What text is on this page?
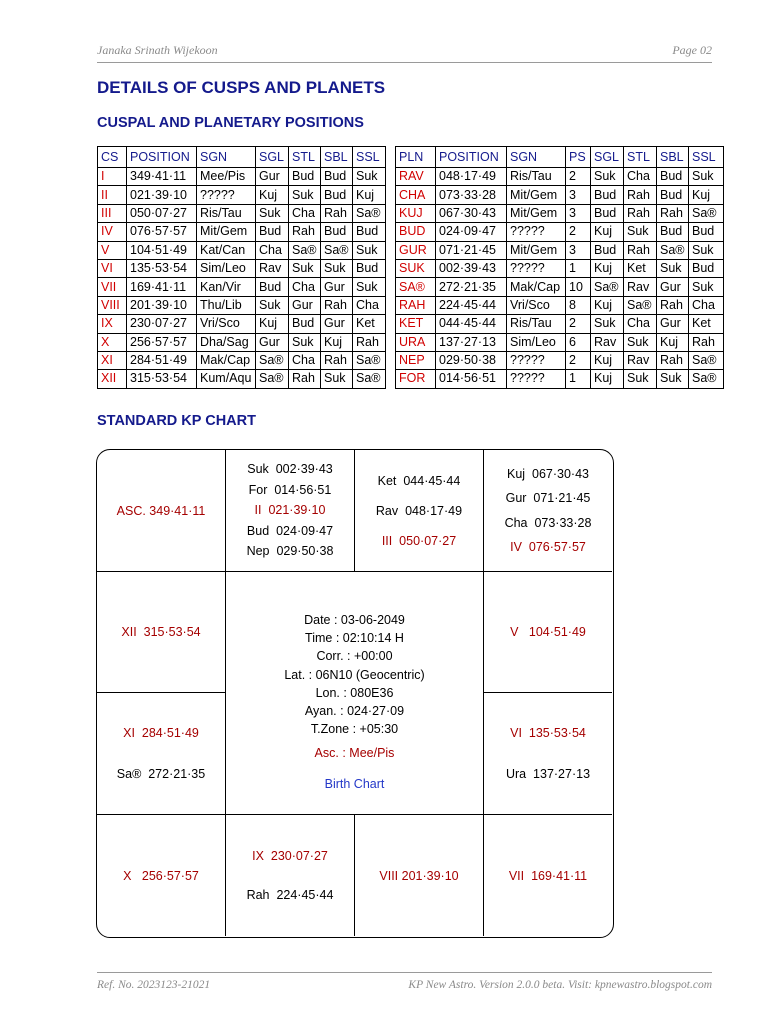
Janaka Srinath Wijekoon	Page 02
DETAILS OF CUSPS AND PLANETS
CUSPAL AND PLANETARY POSITIONS
CS	POSITION	SGN	SGL	STL	SBL	SSL
I	349·41·11	Mee/Pis	Gur	Bud	Bud	Suk
II	021·39·10	?????	Kuj	Suk	Bud	Kuj
III	050·07·27	Ris/Tau	Suk	Cha	Rah	Sa®
IV	076·57·57	Mit/Gem	Bud	Rah	Bud	Bud
V	104·51·49	Kat/Can	Cha	Sa®	Sa®	Suk
VI	135·53·54	Sim/Leo	Rav	Suk	Suk	Bud
VII	169·41·11	Kan/Vir	Bud	Cha	Gur	Suk
VIII	201·39·10	Thu/Lib	Suk	Gur	Rah	Cha
IX	230·07·27	Vri/Sco	Kuj	Bud	Gur	Ket
X	256·57·57	Dha/Sag	Gur	Suk	Kuj	Rah
XI	284·51·49	Mak/Cap	Sa®	Cha	Rah	Sa®
XII	315·53·54	Kum/Aqu	Sa®	Rah	Suk	Sa®
PLN	POSITION	SGN	PS	SGL	STL	SBL	SSL
RAV	048·17·49	Ris/Tau	2	Suk	Cha	Bud	Suk
CHA	073·33·28	Mit/Gem	3	Bud	Rah	Bud	Kuj
KUJ	067·30·43	Mit/Gem	3	Bud	Rah	Rah	Sa®
BUD	024·09·47	?????	2	Kuj	Suk	Bud	Bud
GUR	071·21·45	Mit/Gem	3	Bud	Rah	Sa®	Suk
SUK	002·39·43	?????	1	Kuj	Ket	Suk	Bud
SA®	272·21·35	Mak/Cap	10	Sa®	Rav	Gur	Suk
RAH	224·45·44	Vri/Sco	8	Kuj	Sa®	Rah	Cha
KET	044·45·44	Ris/Tau	2	Suk	Cha	Gur	Ket
URA	137·27·13	Sim/Leo	6	Rav	Suk	Kuj	Rah
NEP	029·50·38	?????	2	Kuj	Rav	Rah	Sa®
FOR	014·56·51	?????	1	Kuj	Suk	Suk	Sa®
STANDARD KP CHART
ASC. 349·41·11
Suk  002·39·43
For  014·56·51
II  021·39·10
Bud  024·09·47
Nep  029·50·38
Ket  044·45·44
Rav  048·17·49
III  050·07·27
Kuj  067·30·43
Gur  071·21·45
Cha  073·33·28
IV  076·57·57
XII  315·53·54
XI  284·51·49
Sa®  272·21·35
V   104·51·49
VI  135·53·54
Ura  137·27·13
Date : 03-06-2049
Time : 02:10:14 H
Corr. : +00:00
Lat. : 06N10 (Geocentric)
Lon. : 080E36
Ayan. : 024·27·09
T.Zone : +05:30
Asc. : Mee/Pis
Birth Chart
X   256·57·57
IX  230·07·27
Rah  224·45·44
VIII 201·39·10	VII  169·41·11
Ref. No. 2023123-21021	KP New Astro. Version 2.0.0 beta. Visit: kpnewastro.blogspot.com
